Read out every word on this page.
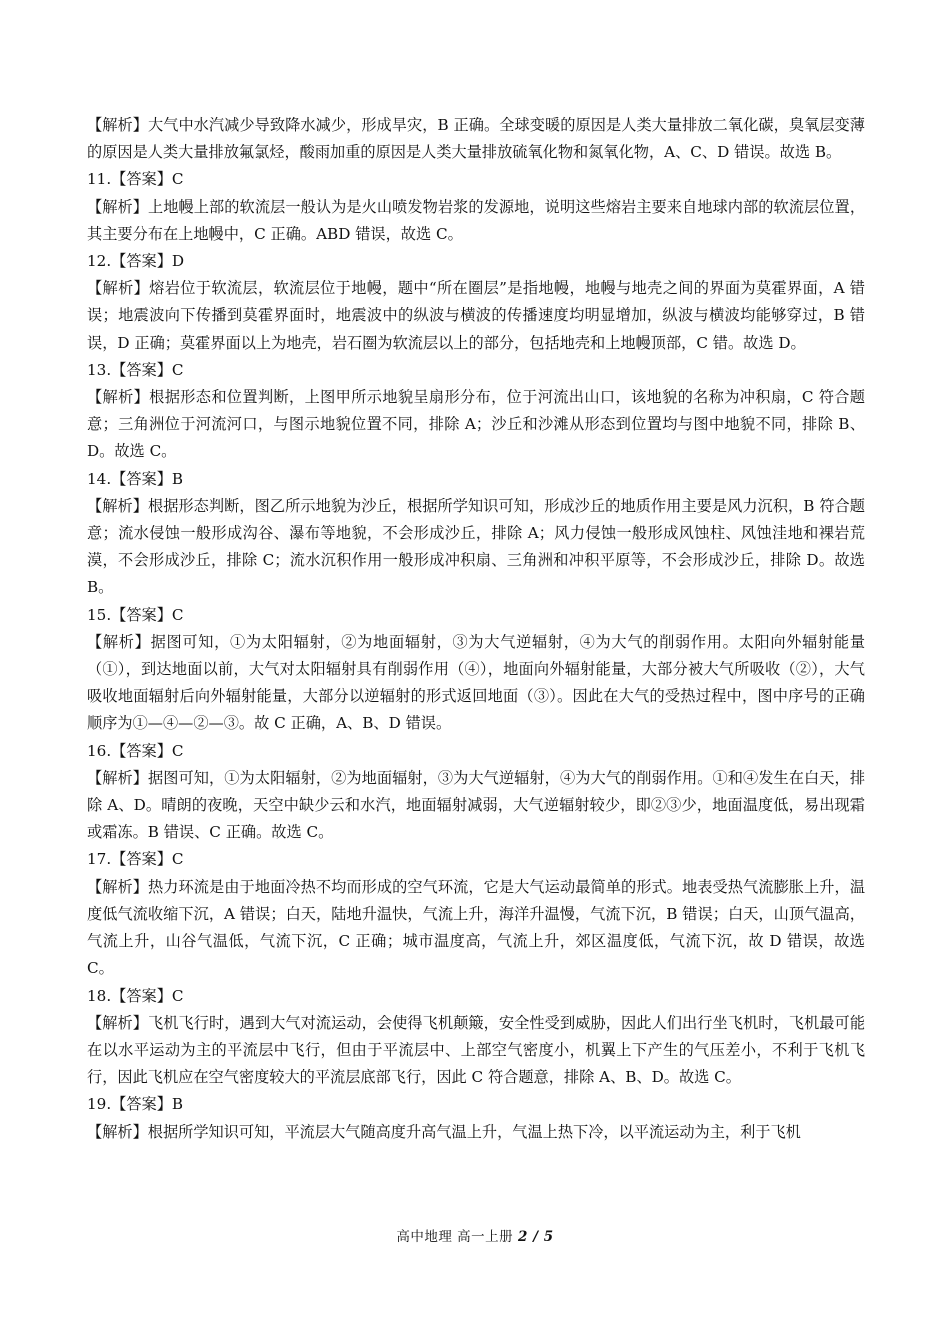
【解析】大气中水汽减少导致降水减少，形成旱灾，B 正确。全球变暖的原因是人类大量排放二氧化碳，臭氧层变薄的原因是人类大量排放氟氯烃，酸雨加重的原因是人类大量排放硫氧化物和氮氧化物，A、C、D 错误。故选 B。

11.【答案】C

【解析】上地幔上部的软流层一般认为是火山喷发物岩浆的发源地，说明这些熔岩主要来自地球内部的软流层位置，其主要分布在上地幔中，C 正确。ABD 错误，故选 C。

12.【答案】D

【解析】熔岩位于软流层，软流层位于地幔，题中“所在圈层”是指地幔，地幔与地壳之间的界面为莫霍界面，A 错误；地震波向下传播到莫霍界面时，地震波中的纵波与横波的传播速度均明显增加，纵波与横波均能够穿过，B 错误，D 正确；莫霍界面以上为地壳，岩石圈为软流层以上的部分，包括地壳和上地幔顶部，C 错。故选 D。

13.【答案】C

【解析】根据形态和位置判断，上图甲所示地貌呈扇形分布，位于河流出山口，该地貌的名称为冲积扇，C 符合题意；三角洲位于河流河口，与图示地貌位置不同，排除 A；沙丘和沙滩从形态到位置均与图中地貌不同，排除 B、D。故选 C。

14.【答案】B

【解析】根据形态判断，图乙所示地貌为沙丘，根据所学知识可知，形成沙丘的地质作用主要是风力沉积，B 符合题意；流水侵蚀一般形成沟谷、瀑布等地貌，不会形成沙丘，排除 A；风力侵蚀一般形成风蚀柱、风蚀洼地和裸岩荒漠，不会形成沙丘，排除 C；流水沉积作用一般形成冲积扇、三角洲和冲积平原等，不会形成沙丘，排除 D。故选 B。

15.【答案】C

【解析】据图可知，①为太阳辐射，②为地面辐射，③为大气逆辐射，④为大气的削弱作用。太阳向外辐射能量（①），到达地面以前，大气对太阳辐射具有削弱作用（④），地面向外辐射能量，大部分被大气所吸收（②），大气吸收地面辐射后向外辐射能量，大部分以逆辐射的形式返回地面（③）。因此在大气的受热过程中，图中序号的正确顺序为①—④—②—③。故 C 正确，A、B、D 错误。

16.【答案】C

【解析】据图可知，①为太阳辐射，②为地面辐射，③为大气逆辐射，④为大气的削弱作用。①和④发生在白天，排除 A、D。晴朗的夜晚，天空中缺少云和水汽，地面辐射减弱，大气逆辐射较少，即②③少，地面温度低，易出现霜或霜冻。B 错误、C 正确。故选 C。

17.【答案】C

【解析】热力环流是由于地面冷热不均而形成的空气环流，它是大气运动最简单的形式。地表受热气流膨胀上升，温度低气流收缩下沉，A 错误；白天，陆地升温快，气流上升，海洋升温慢，气流下沉，B 错误；白天，山顶气温高，气流上升，山谷气温低，气流下沉，C 正确；城市温度高，气流上升，郊区温度低，气流下沉，故 D 错误，故选 C。

18.【答案】C

【解析】飞机飞行时，遇到大气对流运动，会使得飞机颠簸，安全性受到威胁，因此人们出行坐飞机时，飞机最可能在以水平运动为主的平流层中飞行，但由于平流层中、上部空气密度小，机翼上下产生的气压差小，不利于飞机飞行，因此飞机应在空气密度较大的平流层底部飞行，因此 C 符合题意，排除 A、B、D。故选 C。

19.【答案】B

【解析】根据所学知识可知，平流层大气随高度升高气温上升，气温上热下冷，以平流运动为主，利于飞机

高中地理 高一上册 2 / 5
